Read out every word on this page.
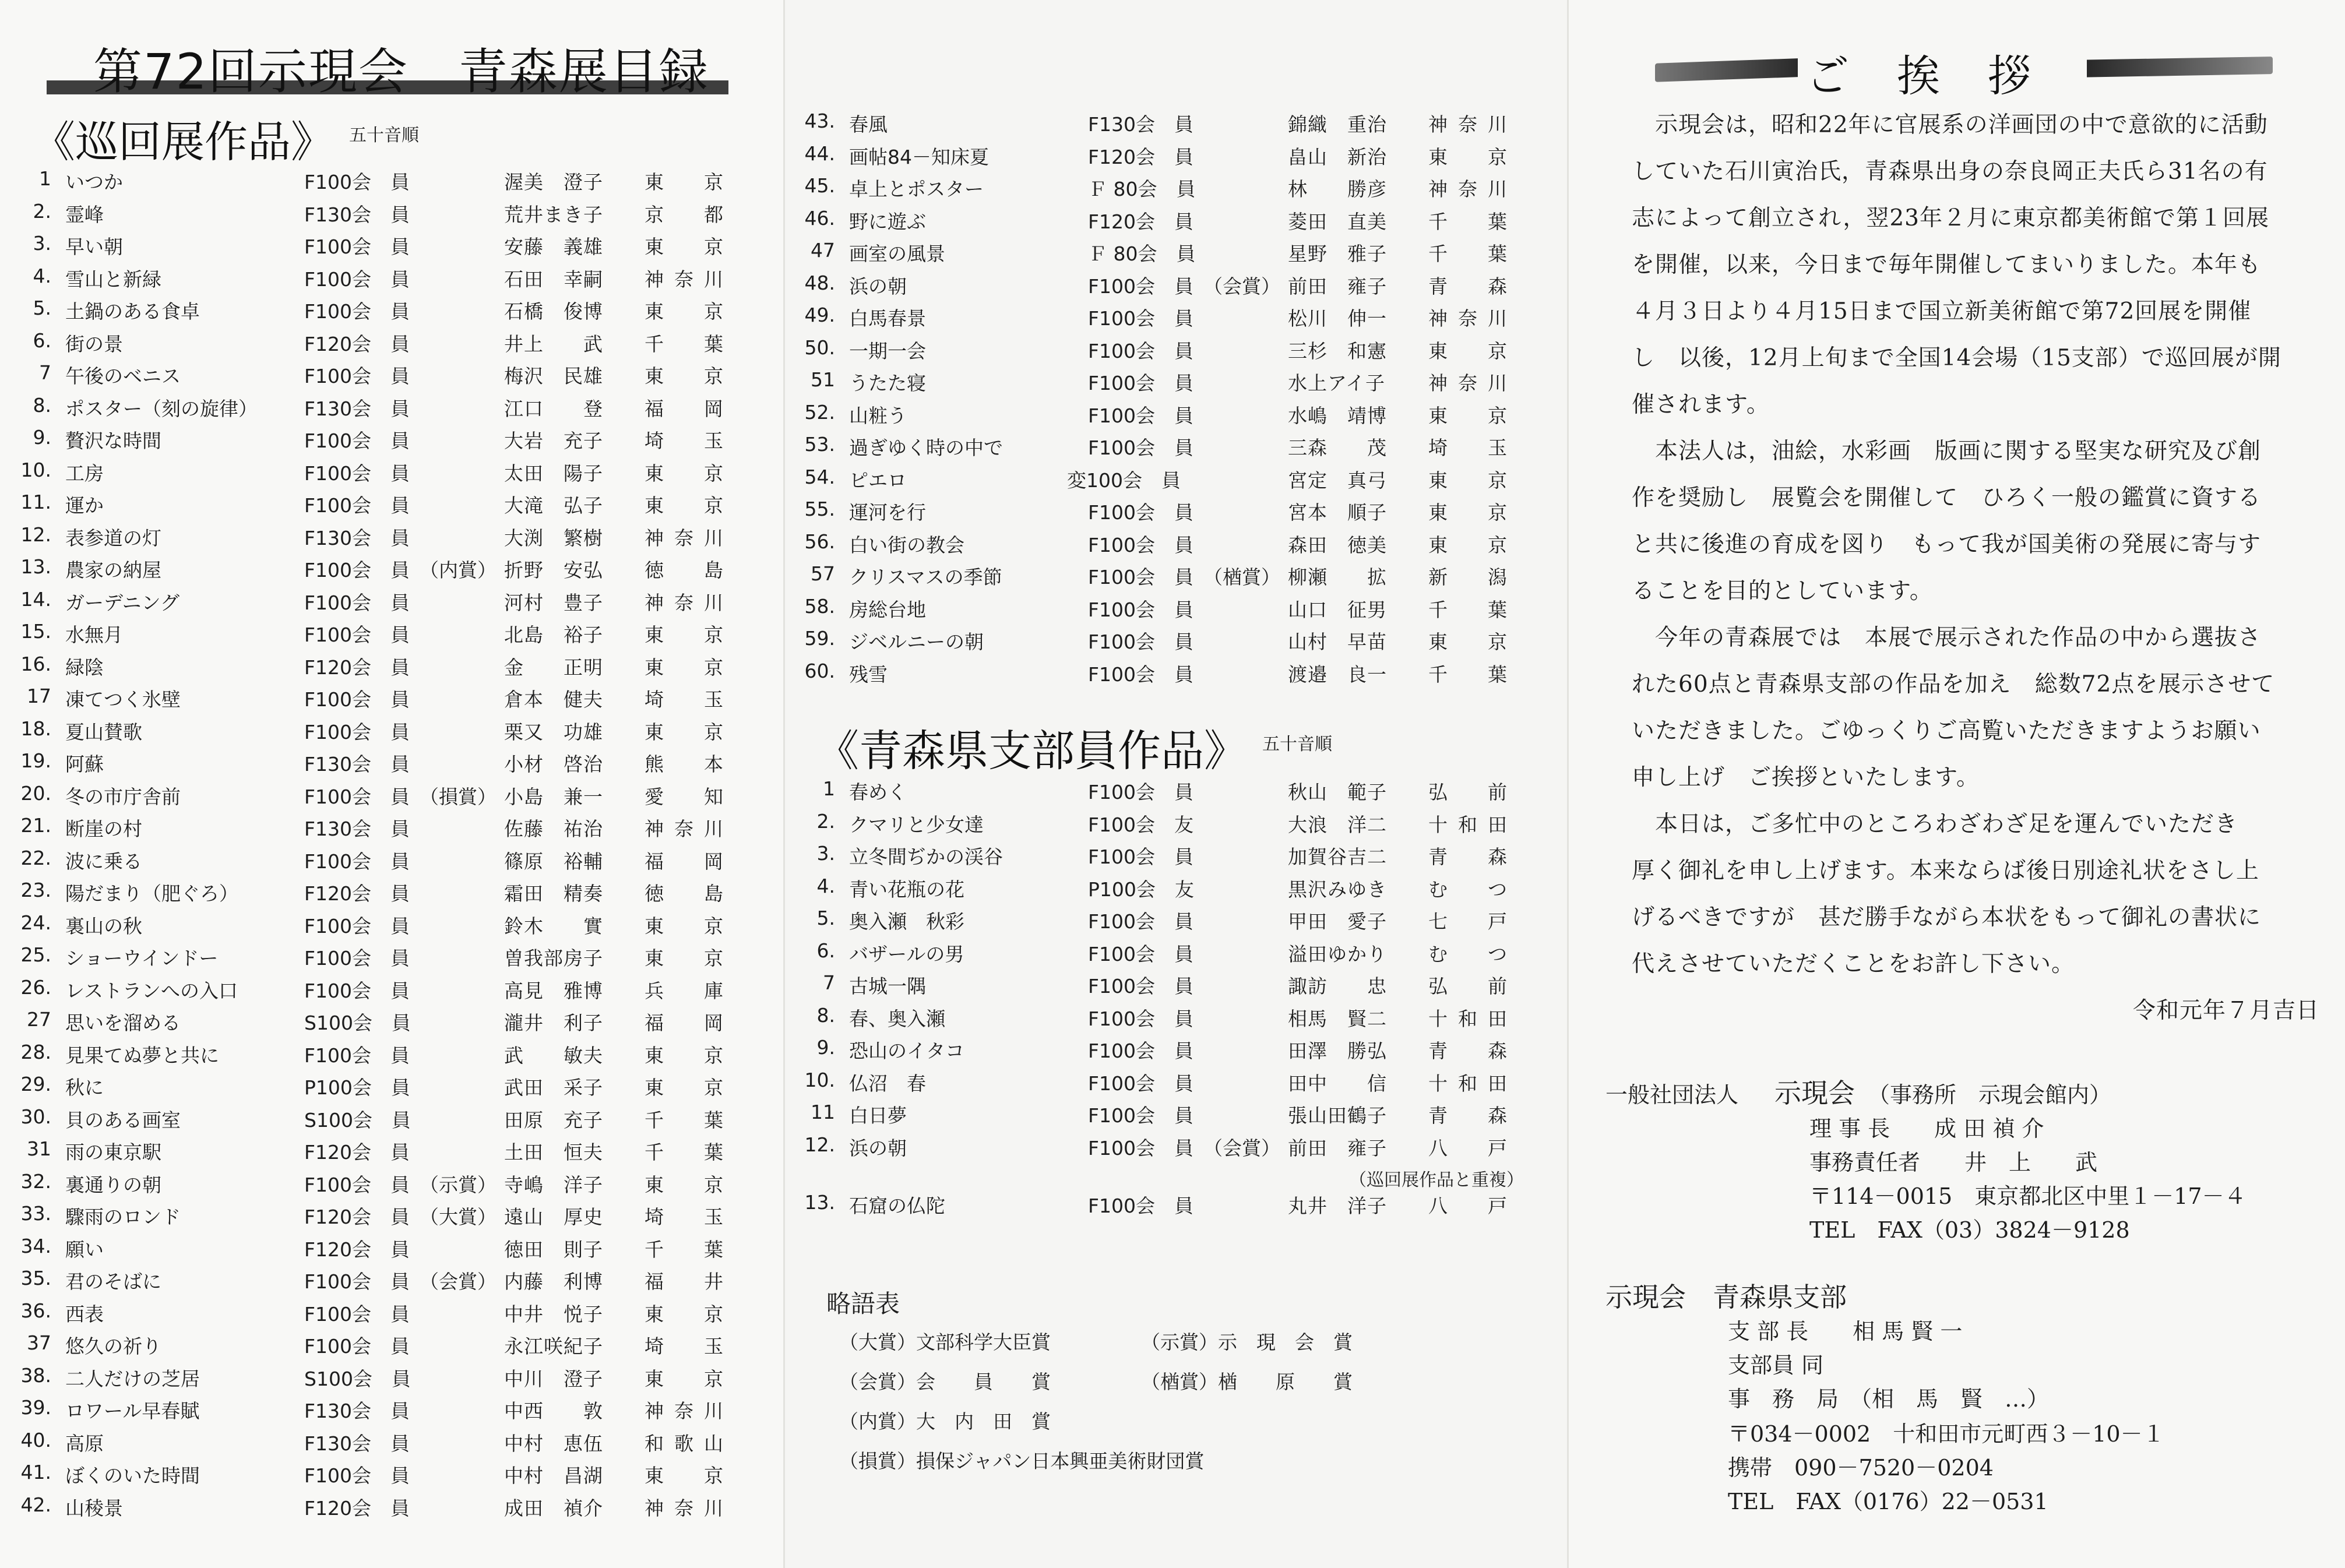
第72回示現会　青森展目録
《巡回展作品》 五十音順
1 いつか	F100会　員	渥美　澄子 東　京
2. 霊峰	F130会　員	荒井まき子 京　都
3. 早い朝	F100会　員	安藤　義雄 東　京
4. 雪山と新緑	F100会　員	石田　幸嗣 神奈川
5. 土鍋のある食卓	F100会　員	石橋　俊博 東　京
6. 街の景	F120会　員	井上　　武 千　葉
7 午後のベニス	F100会　員	梅沢　民雄 東　京
8. ポスター（刻の旋律） F130会　員	江口　　登 福　岡
9. 贅沢な時間	F100会　員	大岩　充子 埼　玉
10. 工房	F100会　員	太田　陽子 東　京
11. 運か	F100会　員	大滝　弘子 東　京
12. 表参道の灯	F130会　員	大渕　繁樹 神奈川
13. 農家の納屋	F100会　員 （内賞） 折野　安弘 徳　島
14. ガーデニング	F100会　員	河村　豊子 神奈川
15. 水無月	F100会　員	北島　裕子 東　京
16. 緑陰	F120会　員	金　　正明 東　京
17 凍てつく氷壁	F100会　員	倉本　健夫 埼　玉
18. 夏山賛歌	F100会　員	栗又　功雄 東　京
19. 阿蘇	F130会　員	小材　啓治 熊　本
20. 冬の市庁舎前	F100会　員 （損賞） 小島　兼一 愛　知
21. 断崖の村	F130会　員	佐藤　祐治 神奈川
22. 波に乗る	F100会　員	篠原　裕輔 福　岡
23. 陽だまり（肥ぐろ）	F120会　員	霜田　精奏 徳　島
24. 裏山の秋	F100会　員	鈴木　　實 東　京
25. ショーウインドー	F100会　員	曽我部房子 東　京
26. レストランへの入口	F100会　員	高見　雅博 兵　庫
27 思いを溜める	S100会　員	瀧井　利子 福　岡
28. 見果てぬ夢と共に	F100会　員	武　　敏夫 東　京
29. 秋に	P100会　員	武田　采子 東　京
30. 貝のある画室	S100会　員	田原　充子 千　葉
31 雨の東京駅	F120会　員	土田　恒夫 千　葉
32. 裏通りの朝	F100会　員 （示賞） 寺嶋　洋子 東　京
33. 驟雨のロンド	F120会　員 （大賞） 遠山　厚史 埼　玉
34. 願い	F120会　員	徳田　則子 千　葉
35. 君のそばに	F100会　員 （会賞） 内藤　利博 福　井
36. 西表	F100会　員	中井　悦子 東　京
37 悠久の祈り	F100会　員	永江咲紀子 埼　玉
38. 二人だけの芝居	S100会　員	中川　澄子 東　京
39. ロワール早春賦	F130会　員	中西　　敦 神奈川
40. 高原	F130会　員	中村　恵伍 和歌山
41. ぼくのいた時間	F100会　員	中村　昌湖 東　京
42. 山稜景	F120会　員	成田　禎介 神奈川
《青森県支部員作品》 五十音順
1 春めく	F100会　員	秋山　範子 弘　前
2. クマリと少女達	F100会　友	大浪　洋二 十和田
3. 立冬間ぢかの渓谷	F100会　員	加賀谷吉二 青　森
4. 青い花瓶の花	P100会　友	黒沢みゆき む　つ
5. 奥入瀬　秋彩	F100会　員	甲田　愛子 七　戸
6. バザールの男	F100会　員	溢田ゆかり む　つ
7 古城一隅	F100会　員	諏訪　　忠 弘　前
8. 春、奥入瀬	F100会　員	相馬　賢二 十和田
9. 恐山のイタコ	F100会　員	田澤　勝弘 青　森
10. 仏沼　春	F100会　員	田中　　信 十和田
11 白日夢	F100会　員	張山田鶴子 青　森
12. 浜の朝	F100会　員 （会賞） 前田　雍子 八　戸
13. 石窟の仏陀	F100会　員	丸井　洋子 八　戸
（巡回展作品と重複）
略語表
（大賞）文部科学大臣賞	（示賞）示　現　会　賞
（会賞）会　　員　　賞	（楢賞）楢　　原　　賞
（内賞）大　内　田　賞
（損賞）損保ジャパン日本興亜美術財団賞
ご挨拶
　示現会は，昭和22年に官展系の洋画団の中で意欲的に活動
していた石川寅治氏，青森県出身の奈良岡正夫氏ら31名の有
志によって創立され，翌23年２月に東京都美術館で第１回展
を開催，以来，今日まで毎年開催してまいりました。本年も
４月３日より４月15日まで国立新美術館で第72回展を開催
し　以後，12月上旬まで全国14会場（15支部）で巡回展が開
催されます。
　本法人は，油絵，水彩画　版画に関する堅実な研究及び創
作を奨励し　展覧会を開催して　ひろく一般の鑑賞に資する
と共に後進の育成を図り　もって我が国美術の発展に寄与す
ることを目的としています。
　今年の青森展では　本展で展示された作品の中から選抜さ
れた60点と青森県支部の作品を加え　総数72点を展示させて
いただきました。ごゆっくりご高覧いただきますようお願い
申し上げ　ご挨拶といたします。
　本日は，ご多忙中のところわざわざ足を運んでいただき
厚く御礼を申し上げます。本来ならば後日別途礼状をさし上
げるべきですが　甚だ勝手ながら本状をもって御礼の書状に
代えさせていただくことをお許し下さい。
令和元年７月吉日
一般社団法人 示現会 （事務所　示現会館内）
理 事 長　　成 田 禎 介
事務責任者　　井　上　　武
〒114－0015　東京都北区中里１－17－４
TEL　FAX（03）3824－9128
示現会　青森県支部
支 部 長　　相 馬 賢 一
支部員 同
事　務　局　（相　馬　賢　…）
〒034－0002　十和田市元町西３－10－１
携帯　090－7520－0204
TEL　FAX（0176）22－0531
43. 春風	F130会　員	錦織　重治 神奈川
44. 画帖84－知床夏	F120会　員	畠山　新治 東　京
45. 卓上とポスター	Ｆ 80会　員	林　　勝彦 神奈川
46. 野に遊ぶ	F120会　員	菱田　直美 千　葉
47 画室の風景	Ｆ 80会　員	星野　雅子 千　葉
48. 浜の朝	F100会　員 （会賞） 前田　雍子 青　森
49. 白馬春景	F100会　員	松川　伸一 神奈川
50. 一期一会	F100会　員	三杉　和憲 東　京
51 うたた寝	F100会　員	水上アイ子 神奈川
52. 山粧う	F100会　員	水嶋　靖博 東　京
53. 過ぎゆく時の中で	F100会　員	三森　　茂 埼　玉
54. ピエロ	変100会　員	宮定　真弓 東　京
55. 運河を行	F100会　員	宮本　順子 東　京
56. 白い街の教会	F100会　員	森田　徳美 東　京
57 クリスマスの季節	F100会　員 （楢賞） 柳瀬　　拡 新　潟
58. 房総台地	F100会　員	山口　征男 千　葉
59. ジベルニーの朝	F100会　員	山村　早苗 東　京
60. 残雪	F100会　員	渡邉　良一 千　葉
